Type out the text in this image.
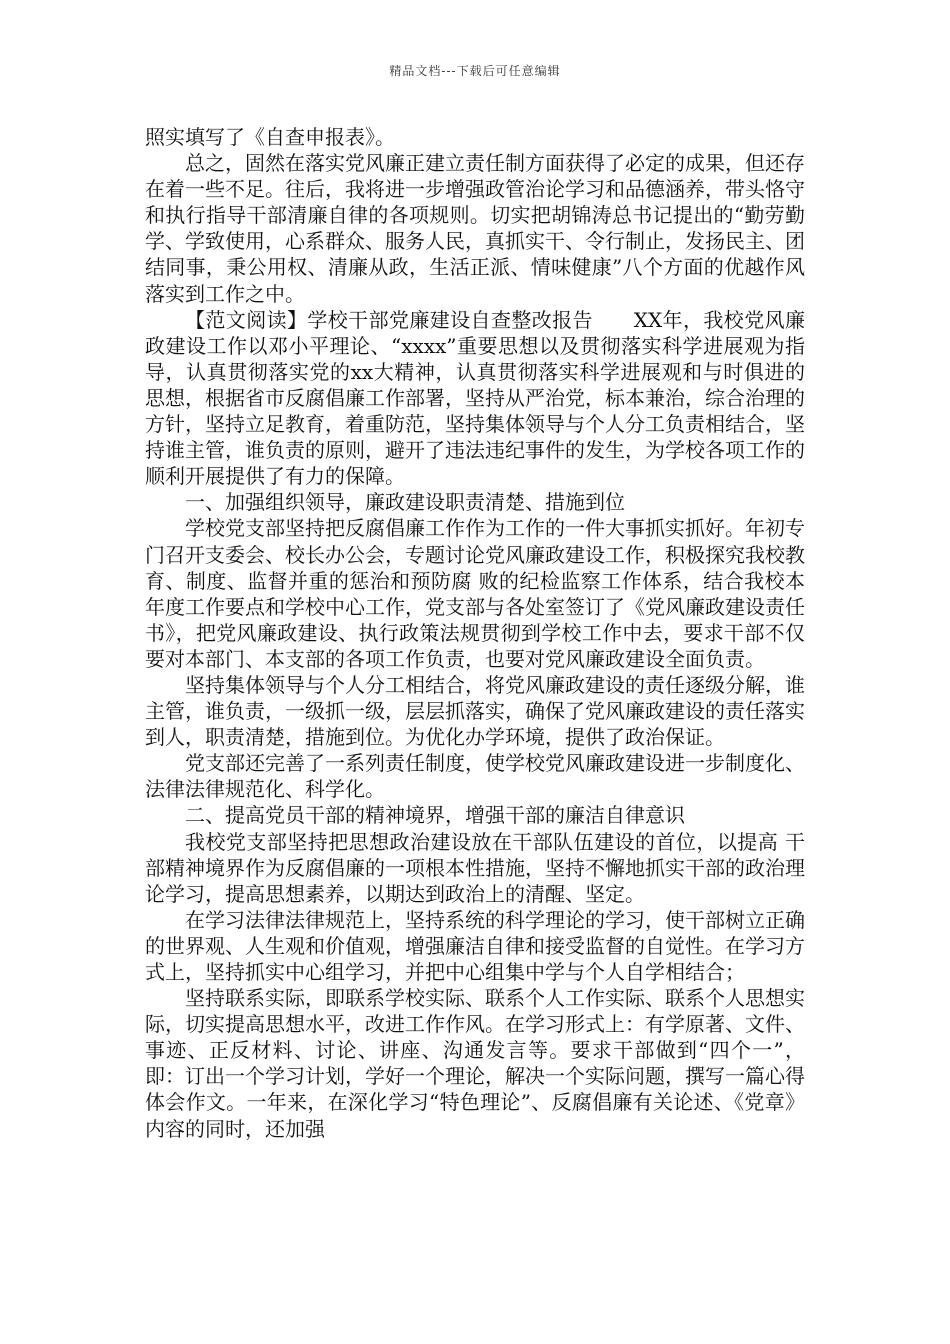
精品文档---下载后可任意编辑

照实填写了《自查申报表》。

总之，固然在落实党风廉正建立责任制方面获得了必定的成果，但还存在着一些不足。往后，我将进一步增强政管治论学习和品德涵养，带头恪守和执行指导干部清廉自律的各项规则。切实把胡锦涛总书记提出的“勤劳勤学、学致使用，心系群众、服务人民，真抓实干、令行制止，发扬民主、团结同事，秉公用权、清廉从政，生活正派、情味健康”八个方面的优越作风落实到工作之中。

【范文阅读】学校干部党廉建设自查整改报告　　XX年，我校党风廉政建设工作以邓小平理论、“xxxx”重要思想以及贯彻落实科学进展观为指导，认真贯彻落实党的xx大精神，认真贯彻落实科学进展观和与时俱进的思想，根据省市反腐倡廉工作部署，坚持从严治党，标本兼治，综合治理的方针，坚持立足教育，着重防范，坚持集体领导与个人分工负责相结合，坚持谁主管，谁负责的原则，避开了违法违纪事件的发生，为学校各项工作的顺利开展提供了有力的保障。

一、加强组织领导，廉政建设职责清楚、措施到位

学校党支部坚持把反腐倡廉工作作为工作的一件大事抓实抓好。年初专门召开支委会、校长办公会，专题讨论党风廉政建设工作，积极探究我校教育、制度、监督并重的惩治和预防腐 败的纪检监察工作体系，结合我校本年度工作要点和学校中心工作，党支部与各处室签订了《党风廉政建设责任书》，把党风廉政建设、执行政策法规贯彻到学校工作中去，要求干部不仅要对本部门、本支部的各项工作负责，也要对党风廉政建设全面负责。

坚持集体领导与个人分工相结合，将党风廉政建设的责任逐级分解，谁主管，谁负责，一级抓一级，层层抓落实，确保了党风廉政建设的责任落实到人，职责清楚，措施到位。为优化办学环境，提供了政治保证。

党支部还完善了一系列责任制度，使学校党风廉政建设进一步制度化、法律法律规范化、科学化。

二、提高党员干部的精神境界，增强干部的廉洁自律意识

我校党支部坚持把思想政治建设放在干部队伍建设的首位，以提高 干部精神境界作为反腐倡廉的一项根本性措施，坚持不懈地抓实干部的政治理论学习，提高思想素养，以期达到政治上的清醒、坚定。

在学习法律法律规范上，坚持系统的科学理论的学习，使干部树立正确的世界观、人生观和价值观，增强廉洁自律和接受监督的自觉性。在学习方式上，坚持抓实中心组学习，并把中心组集中学与个人自学相结合；

坚持联系实际，即联系学校实际、联系个人工作实际、联系个人思想实际，切实提高思想水平，改进工作作风。在学习形式上：有学原著、文件、事迹、正反材料、讨论、讲座、沟通发言等。要求干部做到“四个一”，即：订出一个学习计划，学好一个理论，解决一个实际问题，撰写一篇心得体会作文。一年来，在深化学习“特色理论”、反腐倡廉有关论述、《党章》内容的同时，还加强
